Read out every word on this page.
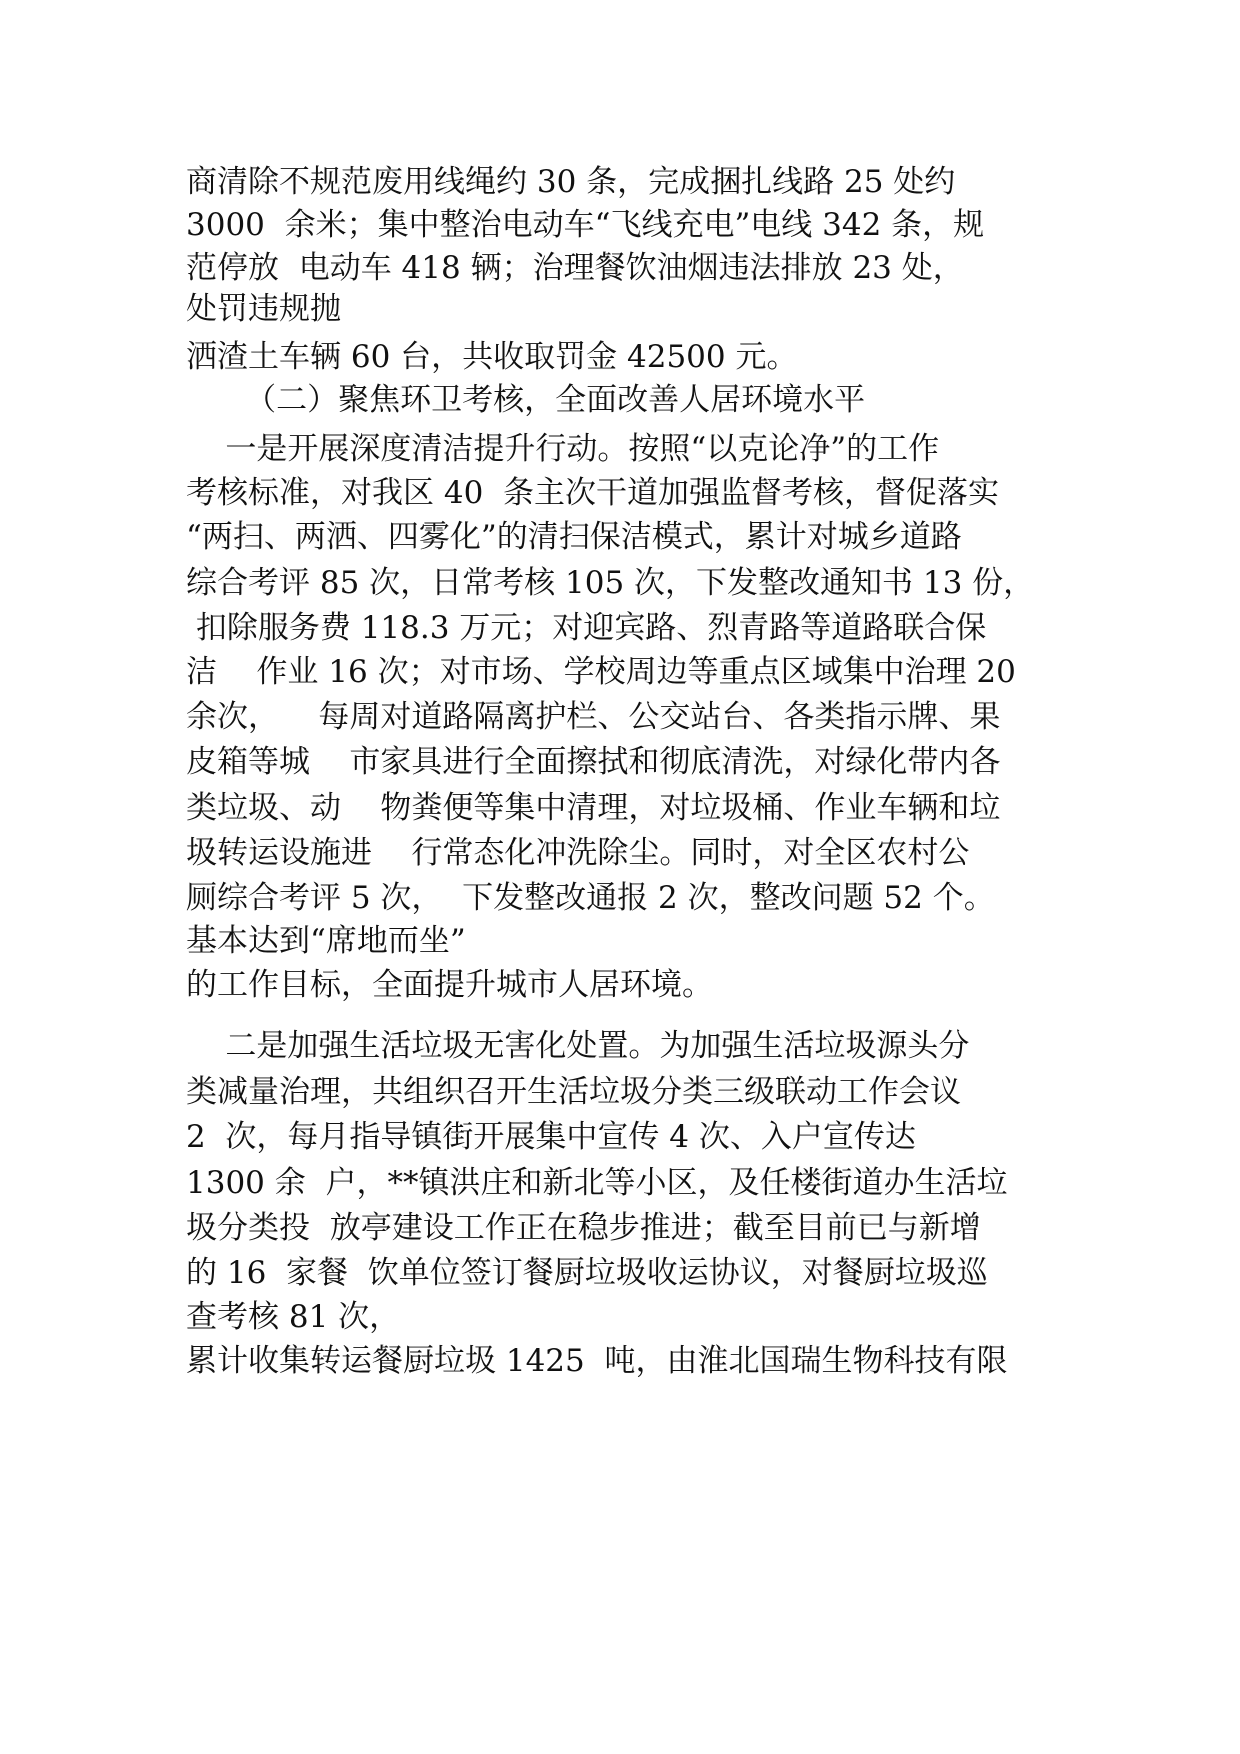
商清除不规范废用线绳约 30 条，完成捆扎线路 25 处约
3000  余米；集中整治电动车“飞线充电”电线 342 条，规
范停放  电动车 418 辆；治理餐饮油烟违法排放 23 处，
处罚违规抛
洒渣土车辆 60 台，共收取罚金 42500 元。
（二）聚焦环卫考核，全面改善人居环境水平
一是开展深度清洁提升行动。按照“以克论净”的工作
考核标准，对我区 40  条主次干道加强监督考核，督促落实
“两扫、两洒、四雾化”的清扫保洁模式，累计对城乡道路
综合考评 85 次，日常考核 105 次，下发整改通知书 13 份，
扣除服务费 118.3 万元；对迎宾路、烈青路等道路联合保
洁    作业 16 次；对市场、学校周边等重点区域集中治理 20
余次，    每周对道路隔离护栏、公交站台、各类指示牌、果
皮箱等城    市家具进行全面擦拭和彻底清洗，对绿化带内各
类垃圾、动    物粪便等集中清理，对垃圾桶、作业车辆和垃
圾转运设施进    行常态化冲洗除尘。同时，对全区农村公
厕综合考评 5 次，  下发整改通报 2 次，整改问题 52 个。
基本达到“席地而坐”
的工作目标，全面提升城市人居环境。
二是加强生活垃圾无害化处置。为加强生活垃圾源头分
类减量治理，共组织召开生活垃圾分类三级联动工作会议
2  次，每月指导镇街开展集中宣传 4 次、入户宣传达
1300 余  户，**镇洪庄和新北等小区，及任楼街道办生活垃
圾分类投  放亭建设工作正在稳步推进；截至目前已与新增
的 16  家餐  饮单位签订餐厨垃圾收运协议，对餐厨垃圾巡
查考核 81 次，
累计收集转运餐厨垃圾 1425  吨，由淮北国瑞生物科技有限
